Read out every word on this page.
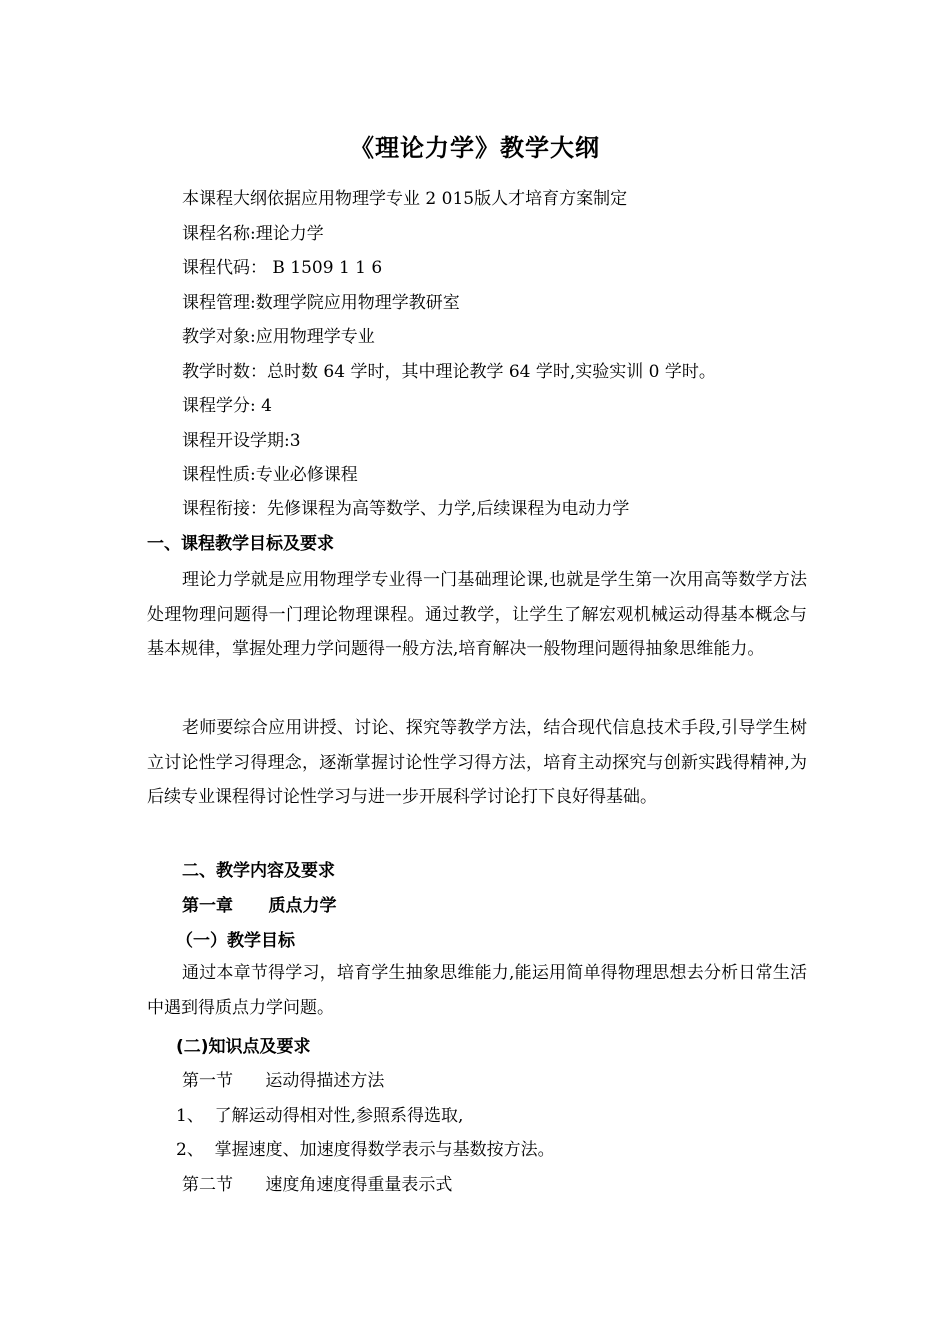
《理论力学》教学大纲
本课程大纲依据应用物理学专业 2 015版人才培育方案制定
课程名称:理论力学
课程代码： B 1509 1 1 6
课程管理:数理学院应用物理学教研室
教学对象:应用物理学专业
教学时数：总时数 64 学时，其中理论教学 64 学时,实验实训 0 学时。
课程学分: 4
课程开设学期:3
课程性质:专业必修课程
课程衔接：先修课程为高等数学、力学,后续课程为电动力学
一、课程教学目标及要求

理论力学就是应用物理学专业得一门基础理论课,也就是学生第一次用高等数学方法处理物理问题得一门理论物理课程。通过教学，让学生了解宏观机械运动得基本概念与基本规律，掌握处理力学问题得一般方法,培育解决一般物理问题得抽象思维能力。

老师要综合应用讲授、讨论、探究等教学方法，结合现代信息技术手段,引导学生树立讨论性学习得理念，逐渐掌握讨论性学习得方法，培育主动探究与创新实践得精神,为后续专业课程得讨论性学习与进一步开展科学讨论打下良好得基础。

二、教学内容及要求
第一章      质点力学
（一）教学目标

通过本章节得学习，培育学生抽象思维能力,能运用简单得物理思想去分析日常生活中遇到得质点力学问题。

(二)知识点及要求
第一节      运动得描述方法
1、  了解运动得相对性,参照系得选取,
2、  掌握速度、加速度得数学表示与基数按方法。
第二节      速度角速度得重量表示式
